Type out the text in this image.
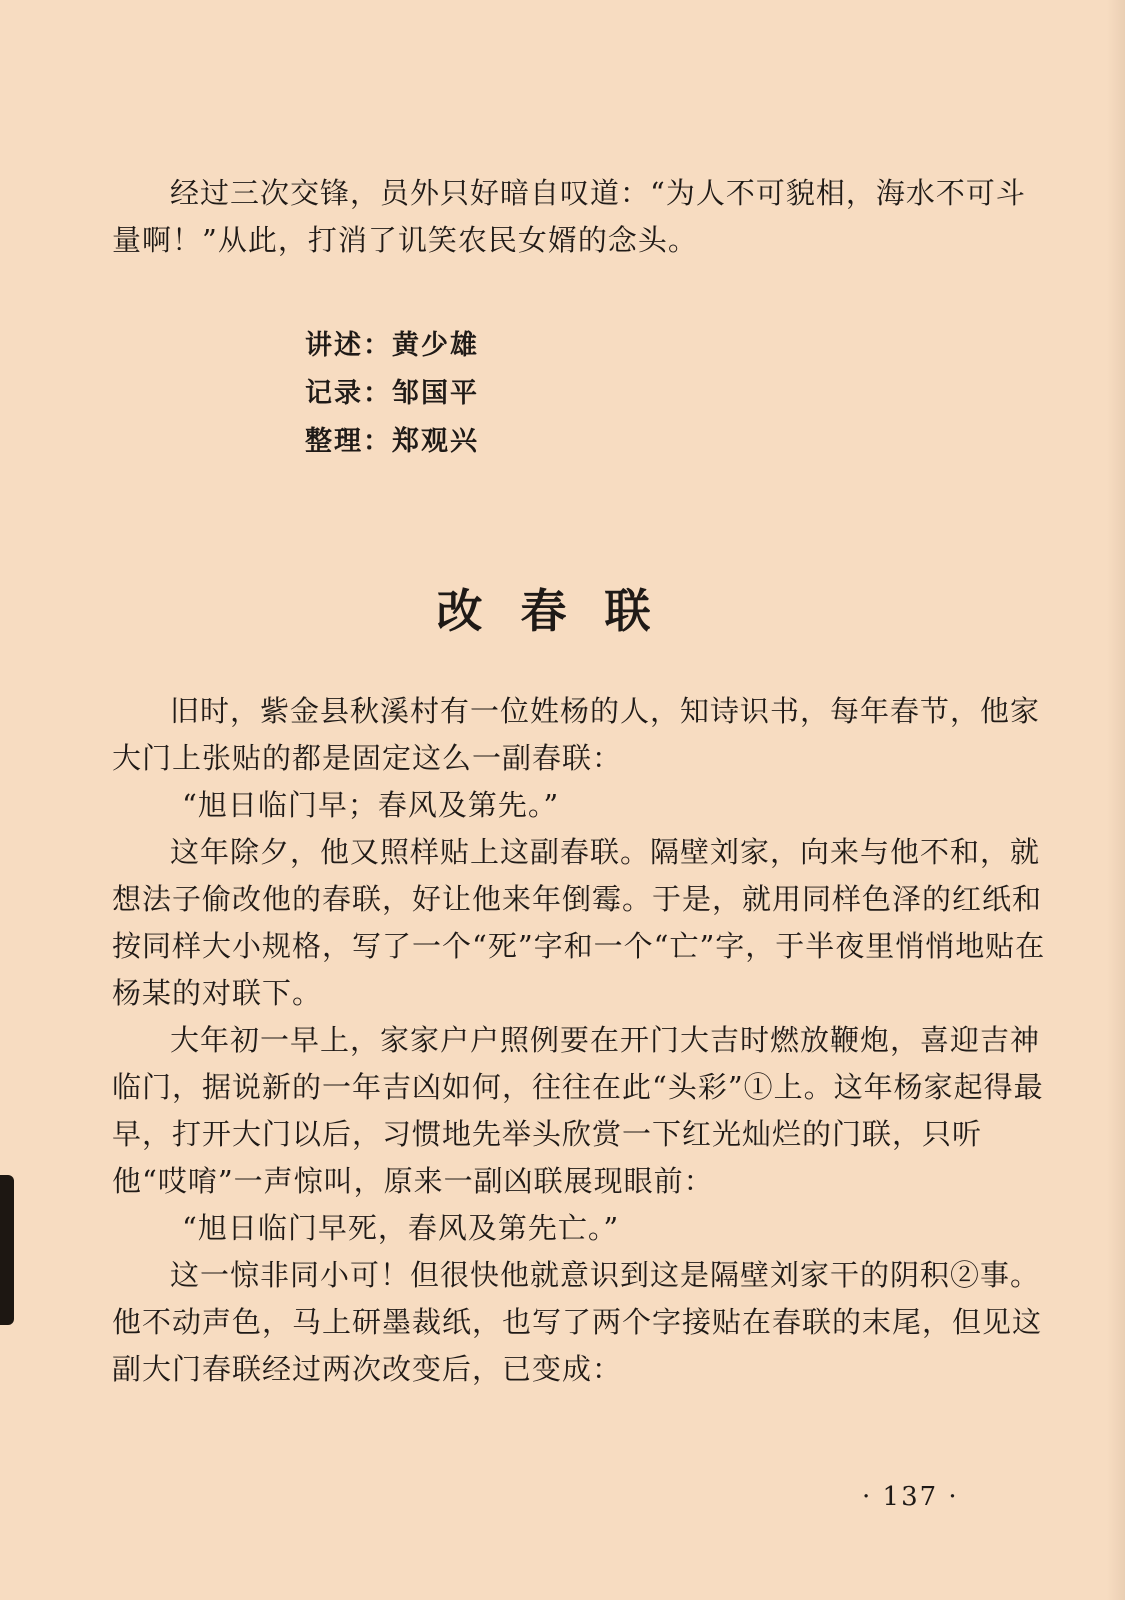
经过三次交锋，员外只好暗自叹道：“为人不可貌相，海水不可斗量啊！”从此，打消了讥笑农民女婿的念头。

讲述：黄少雄
记录：邹国平
整理：郑观兴
改春联

旧时，紫金县秋溪村有一位姓杨的人，知诗识书，每年春节，他家大门上张贴的都是固定这么一副春联：

“旭日临门早；春风及第先。”

这年除夕，他又照样贴上这副春联。隔壁刘家，向来与他不和，就想法子偷改他的春联，好让他来年倒霉。于是，就用同样色泽的红纸和按同样大小规格，写了一个“死”字和一个“亡”字，于半夜里悄悄地贴在杨某的对联下。

大年初一早上，家家户户照例要在开门大吉时燃放鞭炮，喜迎吉神临门，据说新的一年吉凶如何，往往在此“头彩”①上。这年杨家起得最早，打开大门以后，习惯地先举头欣赏一下红光灿烂的门联，只听他“哎唷”一声惊叫，原来一副凶联展现眼前：

“旭日临门早死，春风及第先亡。”

这一惊非同小可！但很快他就意识到这是隔壁刘家干的阴积②事。他不动声色，马上研墨裁纸，也写了两个字接贴在春联的末尾，但见这副大门春联经过两次改变后，已变成：

· 137 ·
